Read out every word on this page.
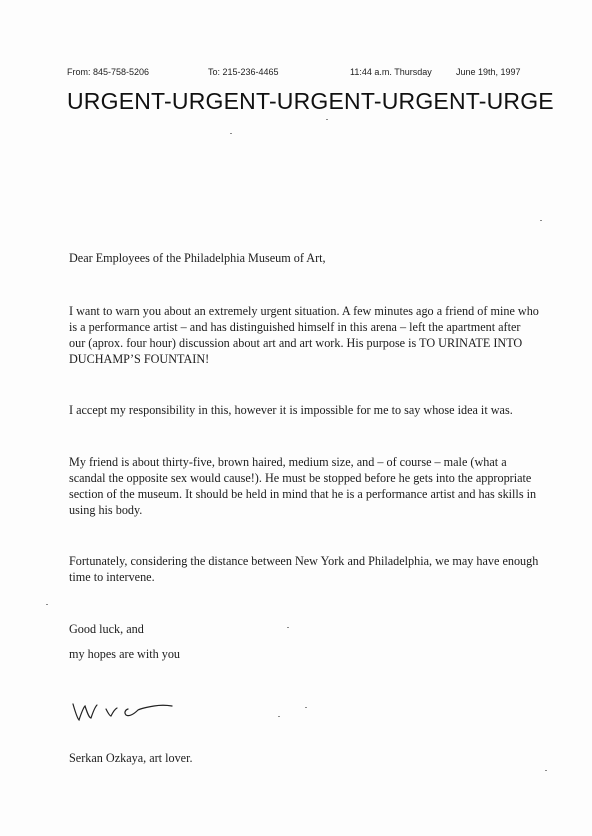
From: 845-758-5206	To: 215-236-4465	11:44 a.m. Thursday	June 19th, 1997
URGENT-URGENT-URGENT-URGENT-URGE

Dear Employees of the Philadelphia Museum of Art,

I want to warn you about an extremely urgent situation. A few minutes ago a friend of mine who is a performance artist – and has distinguished himself in this arena – left the apartment after our (aprox. four hour) discussion about art and art work. His purpose is TO URINATE INTO DUCHAMP’S FOUNTAIN!

I accept my responsibility in this, however it is impossible for me to say whose idea it was.

My friend is about thirty-five, brown haired, medium size, and – of course – male (what a scandal the opposite sex would cause!). He must be stopped before he gets into the appropriate section of the museum. It should be held in mind that he is a performance artist and has skills in using his body.

Fortunately, considering the distance between New York and Philadelphia, we may have enough time to intervene.

Good luck, and

my hopes are with you

Serkan Ozkaya, art lover.
